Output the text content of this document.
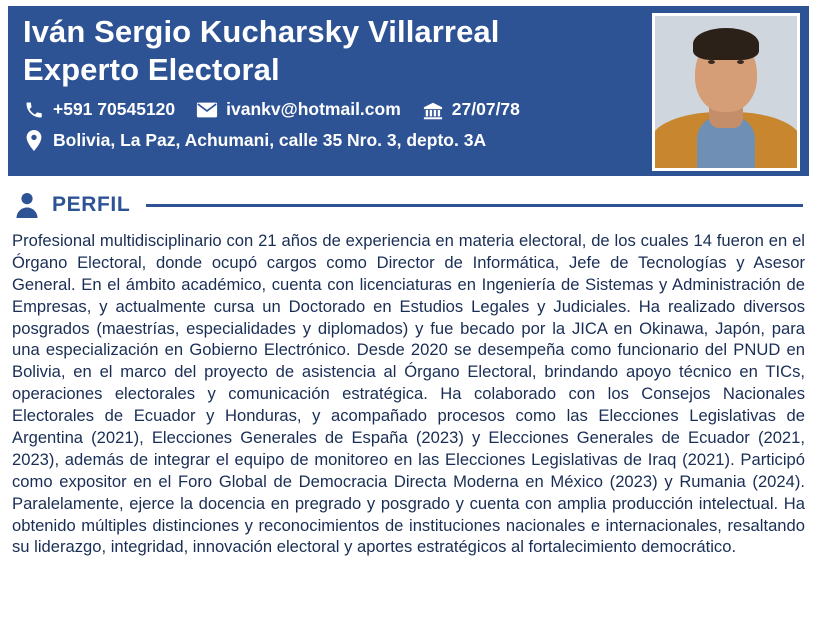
Iván Sergio Kucharsky Villarreal
Experto Electoral
+591 70545120	ivankv@hotmail.com	27/07/78
Bolivia, La Paz, Achumani, calle 35 Nro. 3, depto. 3A
PERFIL
Profesional multidisciplinario con 21 años de experiencia en materia electoral, de los cuales 14 fueron en el Órgano Electoral, donde ocupó cargos como Director de Informática, Jefe de Tecnologías y Asesor General. En el ámbito académico, cuenta con licenciaturas en Ingeniería de Sistemas y Administración de Empresas, y actualmente cursa un Doctorado en Estudios Legales y Judiciales. Ha realizado diversos posgrados (maestrías, especialidades y diplomados) y fue becado por la JICA en Okinawa, Japón, para una especialización en Gobierno Electrónico. Desde 2020 se desempeña como funcionario del PNUD en Bolivia, en el marco del proyecto de asistencia al Órgano Electoral, brindando apoyo técnico en TICs, operaciones electorales y comunicación estratégica. Ha colaborado con los Consejos Nacionales Electorales de Ecuador y Honduras, y acompañado procesos como las Elecciones Legislativas de Argentina (2021), Elecciones Generales de España (2023) y Elecciones Generales de Ecuador (2021, 2023), además de integrar el equipo de monitoreo en las Elecciones Legislativas de Iraq (2021). Participó como expositor en el Foro Global de Democracia Directa Moderna en México (2023) y Rumania (2024). Paralelamente, ejerce la docencia en pregrado y posgrado y cuenta con amplia producción intelectual. Ha obtenido múltiples distinciones y reconocimientos de instituciones nacionales e internacionales, resaltando su liderazgo, integridad, innovación electoral y aportes estratégicos al fortalecimiento democrático.
